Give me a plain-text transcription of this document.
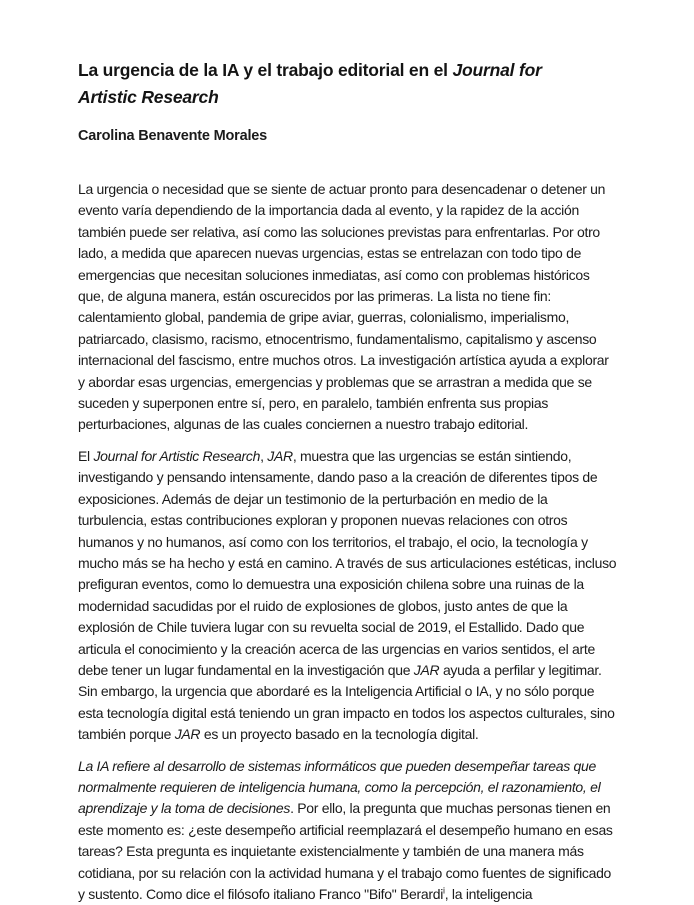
La urgencia de la IA y el trabajo editorial en el Journal for Artistic Research

Carolina Benavente Morales

La urgencia o necesidad que se siente de actuar pronto para desencadenar o detener un evento varía dependiendo de la importancia dada al evento, y la rapidez de la acción también puede ser relativa, así como las soluciones previstas para enfrentarlas. Por otro lado, a medida que aparecen nuevas urgencias, estas se entrelazan con todo tipo de emergencias que necesitan soluciones inmediatas, así como con problemas históricos que, de alguna manera, están oscurecidos por las primeras. La lista no tiene fin: calentamiento global, pandemia de gripe aviar, guerras, colonialismo, imperialismo, patriarcado, clasismo, racismo, etnocentrismo, fundamentalismo, capitalismo y ascenso internacional del fascismo, entre muchos otros. La investigación artística ayuda a explorar y abordar esas urgencias, emergencias y problemas que se arrastran a medida que se suceden y superponen entre sí, pero, en paralelo, también enfrenta sus propias perturbaciones, algunas de las cuales conciernen a nuestro trabajo editorial.

El Journal for Artistic Research, JAR, muestra que las urgencias se están sintiendo, investigando y pensando intensamente, dando paso a la creación de diferentes tipos de exposiciones. Además de dejar un testimonio de la perturbación en medio de la turbulencia, estas contribuciones exploran y proponen nuevas relaciones con otros humanos y no humanos, así como con los territorios, el trabajo, el ocio, la tecnología y mucho más se ha hecho y está en camino. A través de sus articulaciones estéticas, incluso prefiguran eventos, como lo demuestra una exposición chilena sobre una ruinas de la modernidad sacudidas por el ruido de explosiones de globos, justo antes de que la explosión de Chile tuviera lugar con su revuelta social de 2019, el Estallido. Dado que articula el conocimiento y la creación acerca de las urgencias en varios sentidos, el arte debe tener un lugar fundamental en la investigación que JAR ayuda a perfilar y legitimar. Sin embargo, la urgencia que abordaré es la Inteligencia Artificial o IA, y no sólo porque esta tecnología digital está teniendo un gran impacto en todos los aspectos culturales, sino también porque JAR es un proyecto basado en la tecnología digital.

La IA refiere al desarrollo de sistemas informáticos que pueden desempeñar tareas que normalmente requieren de inteligencia humana, como la percepción, el razonamiento, el aprendizaje y la toma de decisiones. Por ello, la pregunta que muchas personas tienen en este momento es: ¿este desempeño artificial reemplazará el desempeño humano en esas tareas? Esta pregunta es inquietante existencialmente y también de una manera más cotidiana, por su relación con la actividad humana y el trabajo como fuentes de significado y sustento. Como dice el filósofo italiano Franco "Bifo" Berardi$^i$, la inteligencia
